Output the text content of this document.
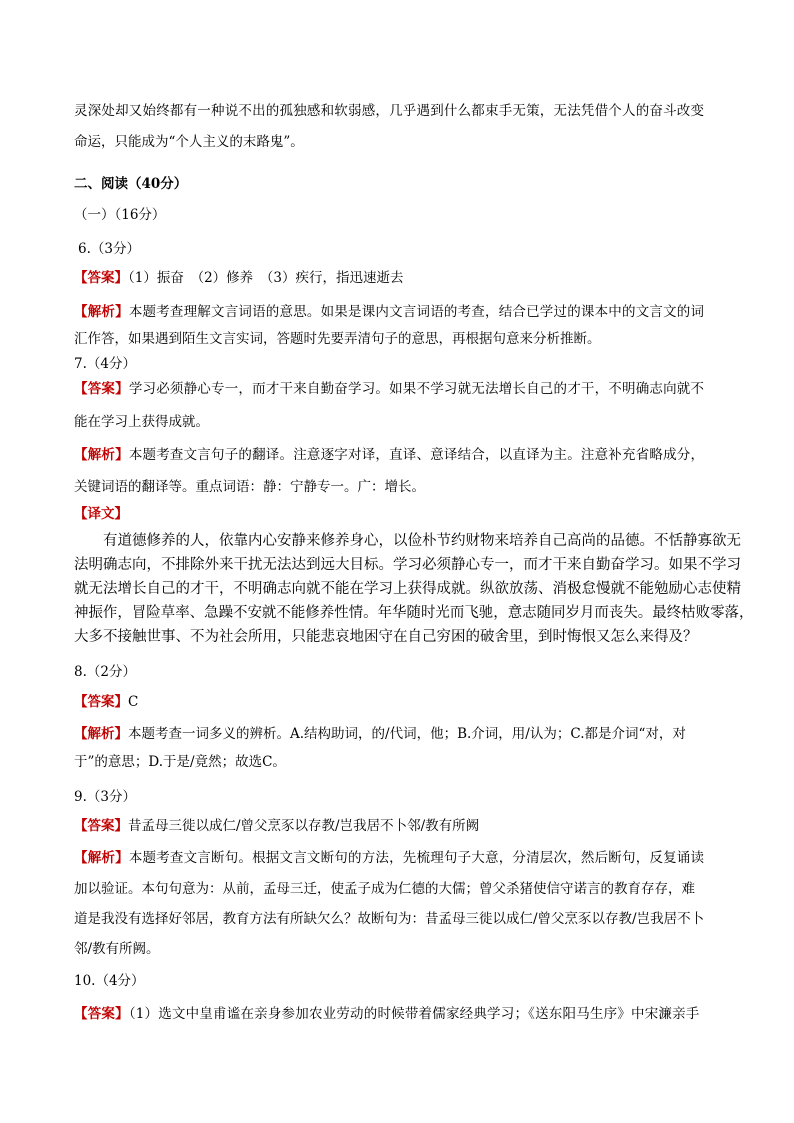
灵深处却又始终都有一种说不出的孤独感和软弱感，几乎遇到什么都束手无策，无法凭借个人的奋斗改变
命运，只能成为“个人主义的末路鬼”。
二、阅读（40分）
（一）（16分）
6.（3分）
【答案】（1）振奋　（2）修养　（3）疾行，指迅速逝去
【解析】本题考查理解文言词语的意思。如果是课内文言词语的考查，结合已学过的课本中的文言文的词
汇作答，如果遇到陌生文言实词，答题时先要弄清句子的意思，再根据句意来分析推断。
7.（4分）
【答案】学习必须静心专一，而才干来自勤奋学习。如果不学习就无法增长自己的才干，不明确志向就不
能在学习上获得成就。
【解析】本题考查文言句子的翻译。注意逐字对译，直译、意译结合，以直译为主。注意补充省略成分，
关键词语的翻译等。重点词语：静：宁静专一。广：增长。
【译文】
　　有道德修养的人，依靠内心安静来修养身心，以俭朴节约财物来培养自己高尚的品德。不恬静寡欲无
法明确志向，不排除外来干扰无法达到远大目标。学习必须静心专一，而才干来自勤奋学习。如果不学习
就无法增长自己的才干，不明确志向就不能在学习上获得成就。纵欲放荡、消极怠慢就不能勉励心志使精
神振作，冒险草率、急躁不安就不能修养性情。年华随时光而飞驰，意志随同岁月而丧失。最终枯败零落，
大多不接触世事、不为社会所用，只能悲哀地困守在自己穷困的破舍里，到时悔恨又怎么来得及？
8.（2分）
【答案】C
【解析】本题考查一词多义的辨析。A.结构助词，的/代词，他；B.介词，用/认为；C.都是介词“对，对
于”的意思；D.于是/竟然；故选C。
9.（3分）
【答案】昔孟母三徙以成仁/曾父烹豕以存教/岂我居不卜邻/教有所阙
【解析】本题考查文言断句。根据文言文断句的方法，先梳理句子大意，分清层次，然后断句，反复诵读
加以验证。本句句意为：从前，孟母三迁，使孟子成为仁德的大儒；曾父杀猪使信守诺言的教育存存，难
道是我没有选择好邻居，教育方法有所缺欠么？故断句为：昔孟母三徙以成仁/曾父烹豕以存教/岂我居不卜
邻/教有所阙。
10.（4分）
【答案】（1）选文中皇甫谧在亲身参加农业劳动的时候带着儒家经典学习；《送东阳马生序》中宋濂亲手
